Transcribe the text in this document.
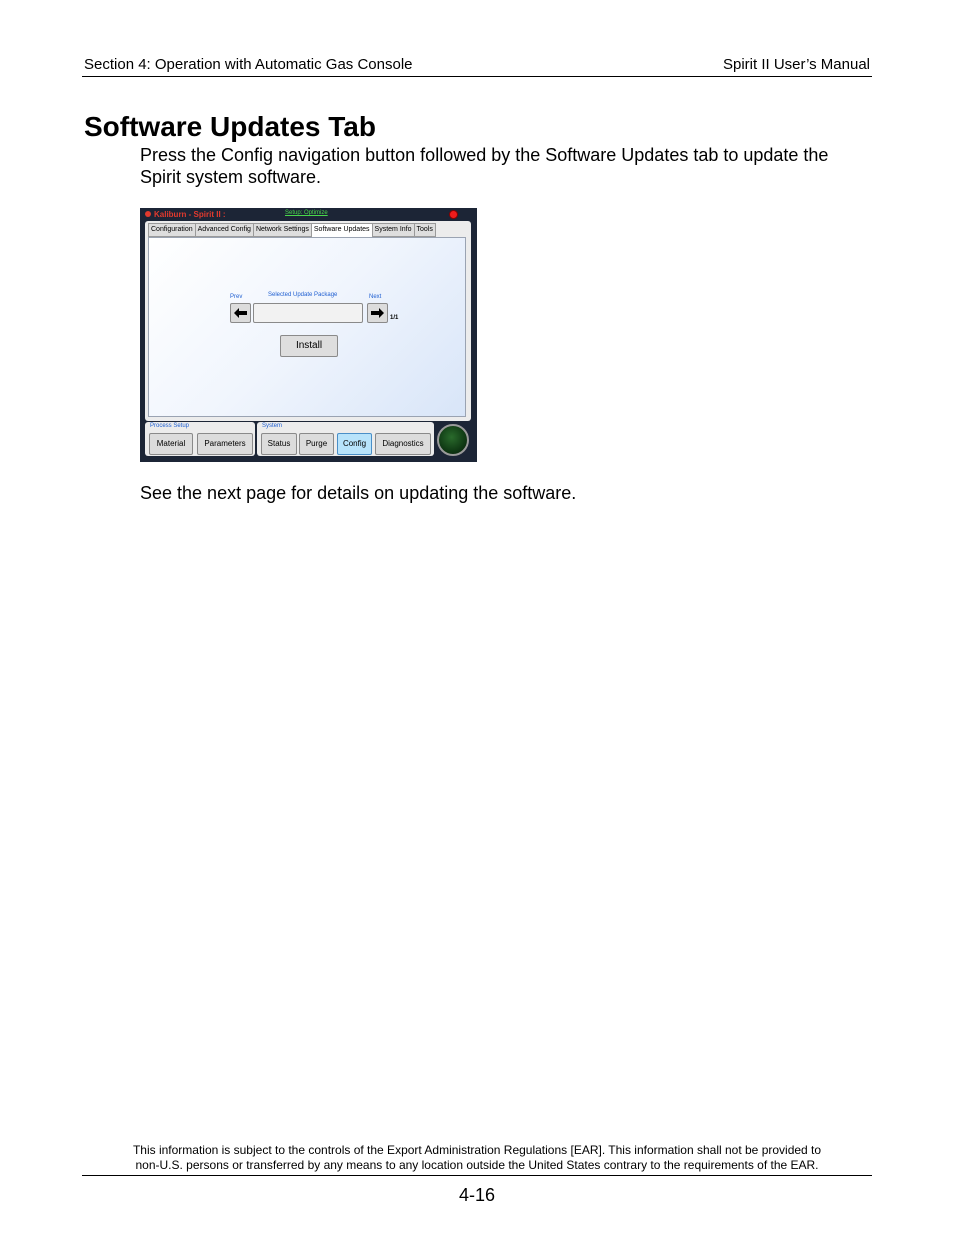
Section 4: Operation with Automatic Gas Console	Spirit II User’s Manual
Software Updates Tab
Press the Config navigation button followed by the Software Updates tab to update the Spirit system software.
Kaliburn - Spirit II :	Setup: Optimize
Configuration Advanced Config Network Settings Software Updates System Info Tools
Prev	Selected Update Package	Next
1/1
Install
Process Setup
Material	Parameters
System
Status	Purge	Config	Diagnostics
See the next page for details on updating the software.
This information is subject to the controls of the Export Administration Regulations [EAR]. This information shall not be provided to
non-U.S. persons or transferred by any means to any location outside the United States contrary to the requirements of the EAR.
4-16
